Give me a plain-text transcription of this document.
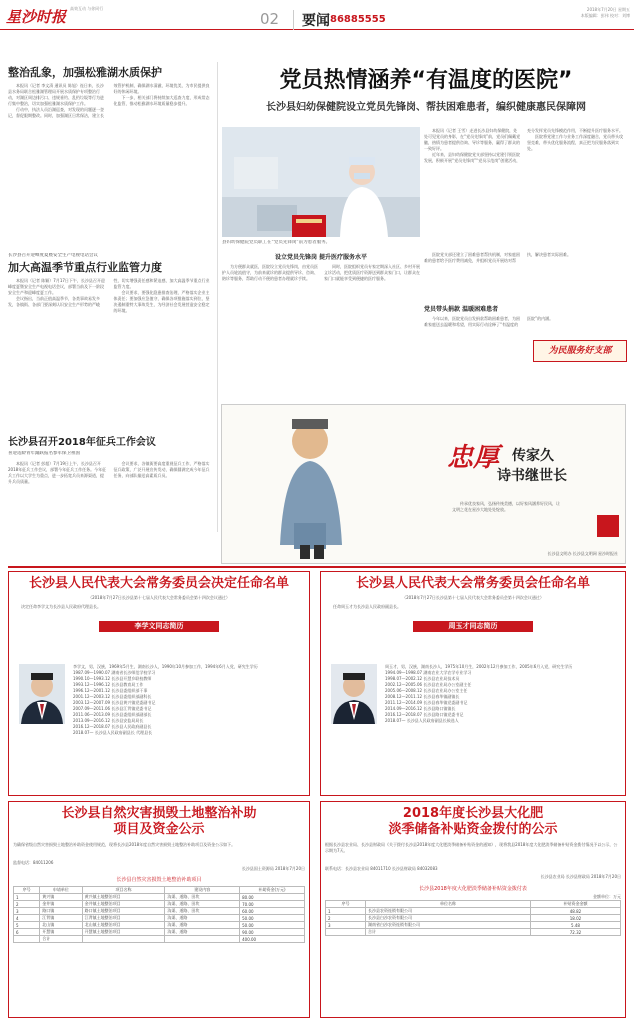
星沙时报 高效互动 与你同行
02	要闻 86885555
2018年7月20日 星期五
本版编辑：彭伟 校对：刘博
整治乱象，加强松雅湖水质保护

本报讯（记者 李文清 通讯员 陈旭）连日来，长沙县水务局联合松雅湖管理局开展水质保护专项整治行动，对湖区周边排污口、违规垂钓、乱扔垃圾等行为进行集中整治，切实加强松雅湖水质保护工作。

行动中，执法人员沿湖巡查，对发现的问题逐一登记，督促限期整改。同时，加强湖区日常保洁，建立长效管护机制，确保湖水清澈、环境优美，为市民提供良好的休闲环境。

下一步，相关部门将持续加大巡查力度，形成常态化监管，推动松雅湖水环境质量稳步提升。

长沙县召开迎峰度夏暨安全生产电视电话会议
加大高温季节重点行业监管力度

本报讯（记者 陈颖）7月17日下午，长沙县召开迎峰度夏暨安全生产电视电话会议，部署当前及下一阶段安全生产和迎峰度夏工作。

会议指出，当前正值高温季节，各类事故易发多发，各镇街、各部门要深刻认识安全生产形势的严峻性，切实增强责任感和紧迫感，加大高温季节重点行业监管力度。

会议要求，要强化隐患排查治理，严格落实企业主体责任；要加强应急值守，确保各项措施落实到位，坚决遏制重特大事故发生，为经济社会发展营造安全稳定的环境。

长沙县召开2018年征兵工作会议
喜迎适龄青年踊跃报名参军保卫祖国

本报讯（记者 彭超）7月19日上午，长沙县召开2018年征兵工作会议，部署今年征兵工作任务。今年征兵工作以大学生为重点，进一步拓宽兵员来源渠道，提升兵员质量。

会议要求，各镇街要高度重视征兵工作，严格落实征兵政策，广泛开展宣传发动，确保圆满完成今年征兵任务，向部队输送高素质兵员。

党员热情涵养“有温度的医院”
长沙县妇幼保健院设立党员先锋岗、帮扶困难患者，编织健康惠民保障网
县妇幼保健院党员职工在“党员先锋岗”前为患者服务。

本报讯（记者 王雪）走进长沙县妇幼保健院，处处可见党员的身影，在“党员先锋岗”前，党员们佩戴党徽，热情为患者提供咨询、导诊等服务，赢得了群众的一致好评。

近年来，县妇幼保健院党支部坚持以党建引领医院发展，积极开展“党员先锋岗”“党员示范岗”创建活动，充分发挥党员先锋模范作用，不断提升医疗服务水平。

医院将党建工作与业务工作深度融合，党员带头攻坚克难，带头优化服务流程，真正把为民服务落到实处。

设立党员先锋岗 提升医疗服务水平

为方便群众就医，医院设立党员先锋岗，由党员医护人员轮流值守，为前来就诊的群众提供导诊、咨询、陪诊等服务，帮助行动不便的患者办理就诊手续。

同时，医院组织党员专家定期深入社区、乡村开展义诊活动，把优质医疗资源送到群众家门口，让群众在家门口就能享受到便捷的医疗服务。

医院党支部还建立了困难患者帮扶机制，对家庭困难的患者给予医疗费用减免，并组织党员开展结对帮扶，解决患者实际困难。

党员带头捐款 温暖困难患者

今年以来，医院党员自发捐款帮助困难患者，为困难家庭送去温暖和希望，用实际行动诠释了“有温度的医院”的内涵。

为民服务好支部
忠厚 传家久
诗书继世长

传承优良家风，弘扬传统美德，以好家风涵养好民风，让文明之花在星沙大地处处绽放。

长沙县文明办 长沙县文明网 星沙时报社
长沙县人民代表大会常务委员会决定任命名单
（2018年7月27日长沙县第十七届人民代表大会常务委员会第十四次会议通过）

决定任命李学文为长沙县人民政府代理县长。

李学文同志简历
李学文，男，汉族，1969年5月生，湖南长沙人，1990年10月参加工作，1994年6月入党，研究生学历
1987.09—1990.07 湖南省长沙师范学校学习
1990.10—1993.12 长沙县开慧乡联校教师
1993.12—1996.12 长沙县教育局工作
1996.12—2001.12 长沙县委组织部干事
2001.12—2003.12 长沙县委组织部副科长
2003.12—2007.09 长沙县黄兴镇党委副书记
2007.09—2011.06 长沙县江背镇党委书记
2011.06—2013.09 长沙县委组织部副部长
2013.09—2016.12 长沙县安监局局长
2016.12—2018.07 长沙县人民政府副县长
2018.07— 长沙县人民政府副县长 代理县长
长沙县人民代表大会常务委员会任命名单
（2018年7月27日长沙县第十七届人民代表大会常务委员会第十四次会议通过）

任命周玉才为长沙县人民政府副县长。

周玉才同志简历
周玉才，男，汉族，湖南长沙人，1975年10月生，2002年12月参加工作，2005年6月入党，研究生学历
1994.09—1998.07 湖南农业大学农学专业学习
1998.07—2002.12 长沙县农业局技术员
2002.12—2005.06 长沙县农业局办公室副主任
2005.06—2008.12 长沙县农业局办公室主任
2008.12—2011.12 长沙县春华镇副镇长
2011.12—2014.09 长沙县春华镇党委副书记
2014.09—2016.12 长沙县路口镇镇长
2016.12—2018.07 长沙县路口镇党委书记
2018.07— 长沙县人民政府副县长候选人
长沙县自然灾害损毁土地整治补助
项目及资金公示
为确保省级自然灾害损毁土地整治补助资金使用规范，现将长沙县2018年度自然灾害损毁土地整治补助项目及资金公示如下。
监督电话：84011206
长沙县国土资源局 2018年7月20日
长沙县自然灾害损毁土地整治补助项目
序号	申请单位	项目名称	建设内容	补助资金(万元)
1	黄兴镇	黄兴镇土地整治项目	沟渠、道路、田坎	80.00
2	金井镇	金井镇土地整治项目	沟渠、道路、田坎	70.00
3	路口镇	路口镇土地整治项目	沟渠、道路、田坎	60.00
4	江背镇	江背镇土地整治项目	沟渠、道路	50.00
5	北山镇	北山镇土地整治项目	沟渠、道路	50.00
6	开慧镇	开慧镇土地整治项目	沟渠、道路	90.00
	合计			400.00
2018年度长沙县大化肥
淡季储备补贴资金拨付的公示
根据长沙县农业局、长沙县财政局《关于拨付长沙县2018年度大化肥淡季储备补贴资金的通知》，现将我县2018年度大化肥淡季储备补贴资金拨付情况予以公示，公示期为7天。
联系电话：长沙县农业局 84011710 长沙县财政局 84032083
长沙县农业局 长沙县财政局 2018年7月20日
长沙县2018年度大化肥淡季储备补贴资金拨付表
金额单位：万元
序号	单位名称	补贴资金金额
1	长沙县农资连锁有限公司	48.82
2	长沙县白沙农资有限公司	18.02
3	湖南省白沙农资连锁有限公司	5.48
	合计	72.32
